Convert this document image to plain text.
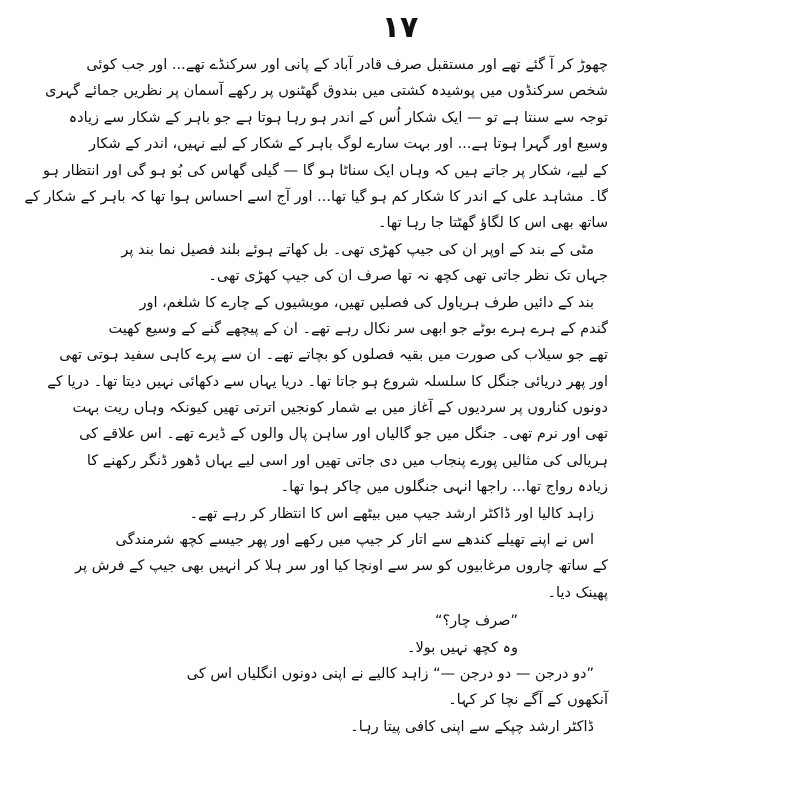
۱۷
چھوڑ کر آ گئے تھے اور مستقبل صرف قادر آباد کے پانی اور سرکنڈے تھے... اور جب کوئی
شخص سرکنڈوں میں پوشیدہ کشتی میں بندوق گھٹنوں پر رکھے آسمان پر نظریں جمائے گہری
توجہ سے سنتا ہے تو — ایک شکار اُس کے اندر ہو رہا ہوتا ہے جو باہر کے شکار سے زیادہ
وسیع اور گہرا ہوتا ہے... اور بہت سارے لوگ باہر کے شکار کے لیے نہیں، اندر کے شکار
کے لیے، شکار پر جاتے ہیں کہ وہاں ایک سناٹا ہو گا — گیلی گھاس کی بُو ہو گی اور انتظار ہو
گا۔ مشاہد علی کے اندر کا شکار کم ہو گیا تھا... اور آج اسے احساس ہوا تھا کہ باہر کے شکار کے
ساتھ بھی اس کا لگاؤ گھٹتا جا رہا تھا۔
مٹی کے بند کے اوپر ان کی جیپ کھڑی تھی۔ بل کھاتے ہوئے بلند فصیل نما بند پر
جہاں تک نظر جاتی تھی کچھ نہ تھا صرف ان کی جیپ کھڑی تھی۔
بند کے دائیں طرف ہریاول کی فصلیں تھیں، مویشیوں کے چارے کا شلغم، اور
گندم کے ہرے ہرے بوٹے جو ابھی سر نکال رہے تھے۔ ان کے پیچھے گنے کے وسیع کھیت
تھے جو سیلاب کی صورت میں بقیہ فصلوں کو بچاتے تھے۔ ان سے پرے کاہی سفید ہوتی تھی
اور پھر دریائی جنگل کا سلسلہ شروع ہو جاتا تھا۔ دریا یہاں سے دکھائی نہیں دیتا تھا۔ دریا کے
دونوں کناروں پر سردیوں کے آغاز میں بے شمار کونجیں اترتی تھیں کیونکہ وہاں ریت بہت
تھی اور نرم تھی۔ جنگل میں جو گالیاں اور ساہن پال والوں کے ڈیرے تھے۔ اس علاقے کی
ہریالی کی مثالیں پورے پنجاب میں دی جاتی تھیں اور اسی لیے یہاں ڈھور ڈنگر رکھنے کا
زیادہ رواج تھا... راجھا انہی جنگلوں میں چاکر ہوا تھا۔
زاہد کالیا اور ڈاکٹر ارشد جیپ میں بیٹھے اس کا انتظار کر رہے تھے۔
اس نے اپنے تھیلے کندھے سے اتار کر جیپ میں رکھے اور پھر جیسے کچھ شرمندگی
کے ساتھ چاروں مرغابیوں کو سر سے اونچا کیا اور سر ہلا کر انہیں بھی جیپ کے فرش پر
پھینک دیا۔
”صرف چار؟“
وہ کچھ نہیں بولا۔
”دو درجن — دو درجن —“ زاہد کالیے نے اپنی دونوں انگلیاں اس کی
آنکھوں کے آگے نچا کر کہا۔
ڈاکٹر ارشد چپکے سے اپنی کافی پیتا رہا۔
